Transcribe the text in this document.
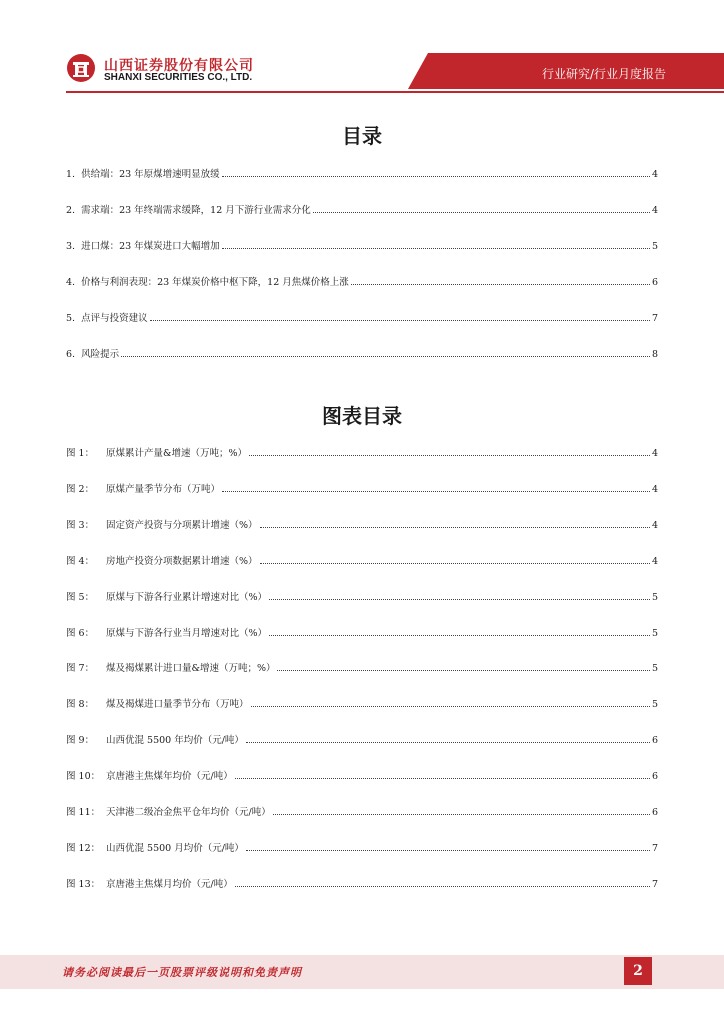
山西证券股份有限公司
SHANXI SECURITIES CO., LTD.	行业研究/行业月度报告
目录
1. 供给端：23 年原煤增速明显放缓	4
2. 需求端：23 年终端需求缓降，12 月下游行业需求分化	4
3. 进口煤：23 年煤炭进口大幅增加	5
4. 价格与利润表现：23 年煤炭价格中枢下降，12 月焦煤价格上涨	6
5. 点评与投资建议	7
6. 风险提示	8
图表目录
图 1：	原煤累计产量&增速（万吨；%）	4
图 2：	原煤产量季节分布（万吨）	4
图 3：	固定资产投资与分项累计增速（%）	4
图 4：	房地产投资分项数据累计增速（%）	4
图 5：	原煤与下游各行业累计增速对比（%）	5
图 6：	原煤与下游各行业当月增速对比（%）	5
图 7：	煤及褐煤累计进口量&增速（万吨；%）	5
图 8：	煤及褐煤进口量季节分布（万吨）	5
图 9：	山西优混 5500 年均价（元/吨）	6
图 10： 京唐港主焦煤年均价（元/吨）	6
图 11： 天津港二级冶金焦平仓年均价（元/吨）	6
图 12： 山西优混 5500 月均价（元/吨）	7
图 13： 京唐港主焦煤月均价（元/吨）	7
请务必阅读最后一页股票评级说明和免责声明	2
